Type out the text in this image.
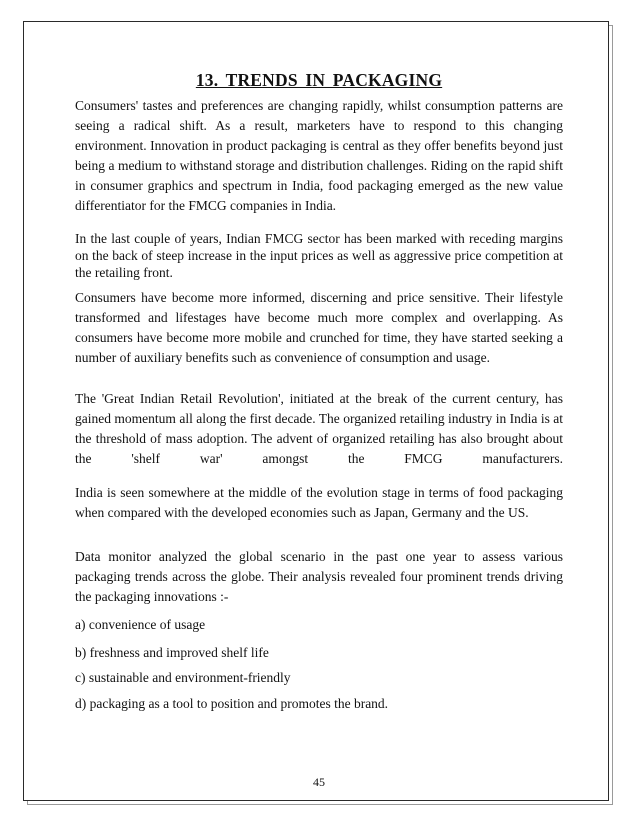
13. TRENDS IN PACKAGING

Consumers' tastes and preferences are changing rapidly, whilst consumption patterns are seeing a radical shift. As a result, marketers have to respond to this changing environment. Innovation in product packaging is central as they offer benefits beyond just being a medium to withstand storage and distribution challenges. Riding on the rapid shift in consumer graphics and spectrum in India, food packaging emerged as the new value differentiator for the FMCG companies in India.

In the last couple of years, Indian FMCG sector has been marked with receding margins on the back of steep increase in the input prices as well as aggressive price competition at the retailing front.

Consumers have become more informed, discerning and price sensitive. Their lifestyle transformed and lifestages have become much more complex and overlapping. As consumers have become more mobile and crunched for time, they have started seeking a number of auxiliary benefits such as convenience of consumption and usage.

The 'Great Indian Retail Revolution', initiated at the break of the current century, has gained momentum all along the first decade. The organized retailing industry in India is at the threshold of mass adoption. The advent of organized retailing has also brought about the 'shelf war' amongst the FMCG manufacturers.

India is seen somewhere at the middle of the evolution stage in terms of food packaging when compared with the developed economies such as Japan, Germany and the US.

Data monitor analyzed the global scenario in the past one year to assess various packaging trends across the globe. Their analysis revealed four prominent trends driving the packaging innovations :-

a) convenience of usage

b) freshness and improved shelf life

c) sustainable and environment-friendly

d) packaging as a tool to position and promotes the brand.

45
